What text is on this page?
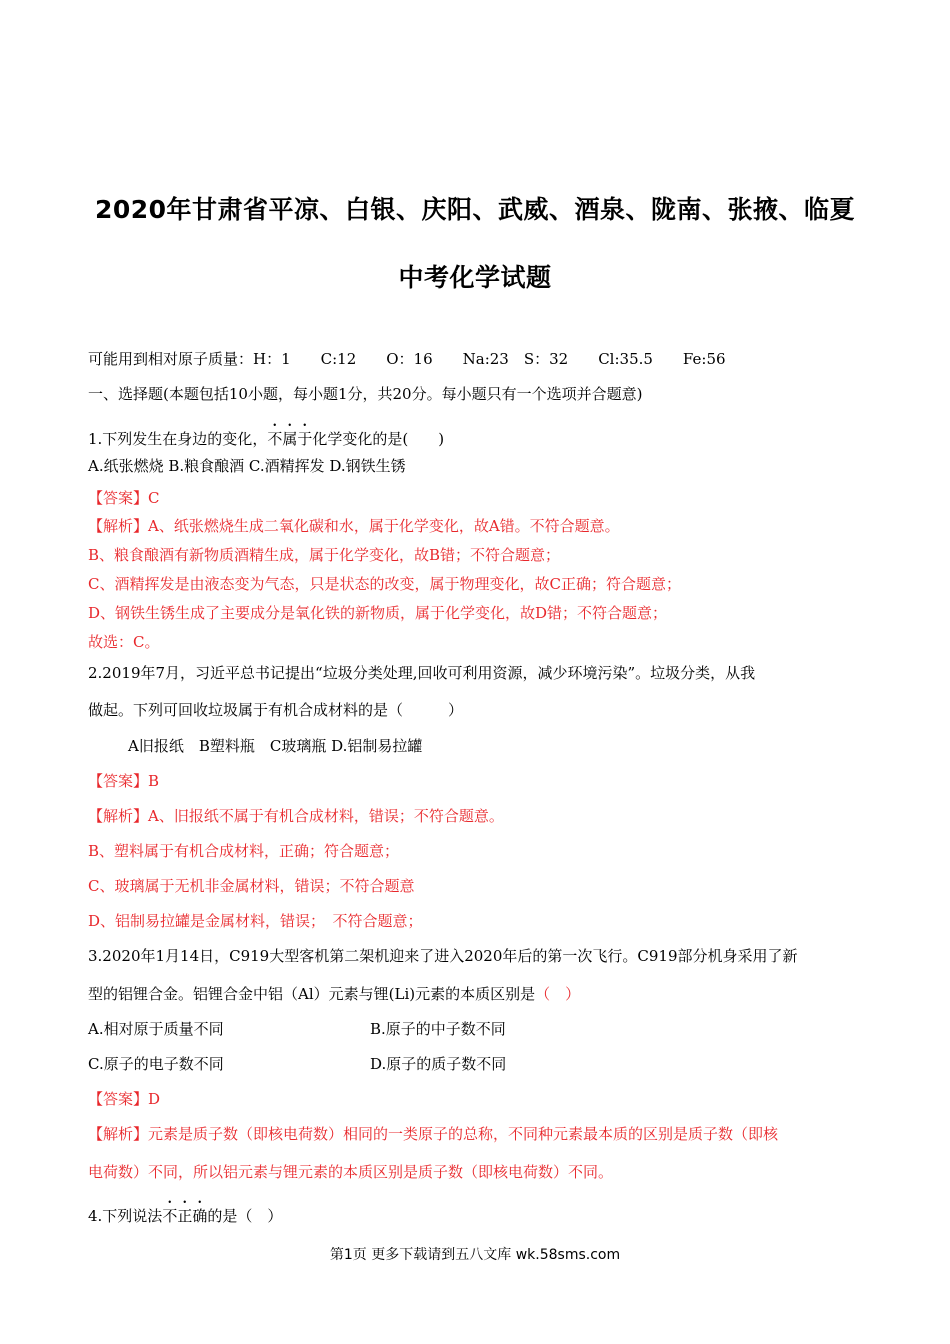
2020年甘肃省平凉、白银、庆阳、武威、酒泉、陇南、张掖、临夏
中考化学试题
可能用到相对原子质量：H：1　　C:12　　O：16　　Na:23　S：32　　Cl:35.5　　Fe:56
一、选择题(本题包括10小题，每小题1分，共20分。每小题只有一个选项并合题意)
1.下列发生在身边的变化，不属于化学变化的是(　　)
A.纸张燃烧 B.粮食酿酒 C.酒精挥发 D.钢铁生锈
【答案】C
【解析】A、纸张燃烧生成二氧化碳和水，属于化学变化，故A错。不符合题意。
B、粮食酿酒有新物质酒精生成，属于化学变化，故B错；不符合题意；
C、酒精挥发是由液态变为气态，只是状态的改变，属于物理变化，故C正确；符合题意；
D、钢铁生锈生成了主要成分是氧化铁的新物质，属于化学变化，故D错；不符合题意；
故选：C。
2.2019年7月，习近平总书记提出“垃圾分类处理,回收可利用资源，减少环境污染”。垃圾分类，从我
做起。下列可回收垃圾属于有机合成材料的是（　　　）
A旧报纸　B塑料瓶　C玻璃瓶 D.铝制易拉罐
【答案】B
【解析】A、旧报纸不属于有机合成材料，错误；不符合题意。
B、塑料属于有机合成材料，正确；符合题意；
C、玻璃属于无机非金属材料，错误；不符合题意
D、铝制易拉罐是金属材料，错误；　不符合题意；
3.2020年1月14日，C919大型客机第二架机迎来了进入2020年后的第一次飞行。C919部分机身采用了新
型的铝锂合金。铝锂合金中铝（Al）元素与锂(Li)元素的本质区别是（　）
A.相对原于质量不同	B.原子的中子数不同
C.原子的电子数不同	D.原子的质子数不同
【答案】D
【解析】元素是质子数（即核电荷数）相同的一类原子的总称，不同种元素最本质的区别是质子数（即核
电荷数）不同，所以铝元素与锂元素的本质区别是质子数（即核电荷数）不同。
4.下列说法不正确的是（　）
第1页 更多下载请到五八文库 wk.58sms.com
